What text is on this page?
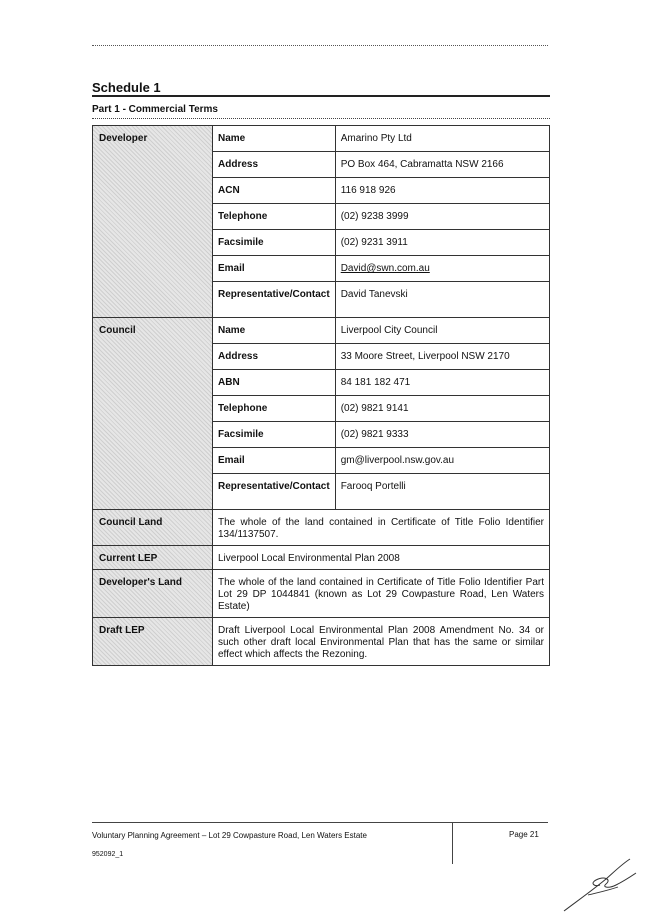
Schedule 1
Part 1 - Commercial Terms
Developer	Name	Amarino Pty Ltd
	Address	PO Box 464, Cabramatta NSW 2166
	ACN	116 918 926
	Telephone	(02) 9238 3999
	Facsimile	(02) 9231 3911
	Email	David@swn.com.au
	Representative/Contact	David Tanevski
Council	Name	Liverpool City Council
	Address	33 Moore Street, Liverpool NSW 2170
	ABN	84 181 182 471
	Telephone	(02) 9821 9141
	Facsimile	(02) 9821 9333
	Email	gm@liverpool.nsw.gov.au
	Representative/Contact	Farooq Portelli
Council Land	The whole of the land contained in Certificate of Title Folio Identifier 134/1137507.	
Current LEP	Liverpool Local Environmental Plan 2008	
Developer's Land	The whole of the land contained in Certificate of Title Folio Identifier Part Lot 29 DP 1044841 (known as Lot 29 Cowpasture Road, Len Waters Estate)	
Draft LEP	Draft Liverpool Local Environmental Plan 2008 Amendment No. 34 or such other draft local Environmental Plan that has the same or similar effect which affects the Rezoning.	
Voluntary Planning Agreement – Lot 29 Cowpasture Road, Len Waters Estate	Page 21
952092_1
